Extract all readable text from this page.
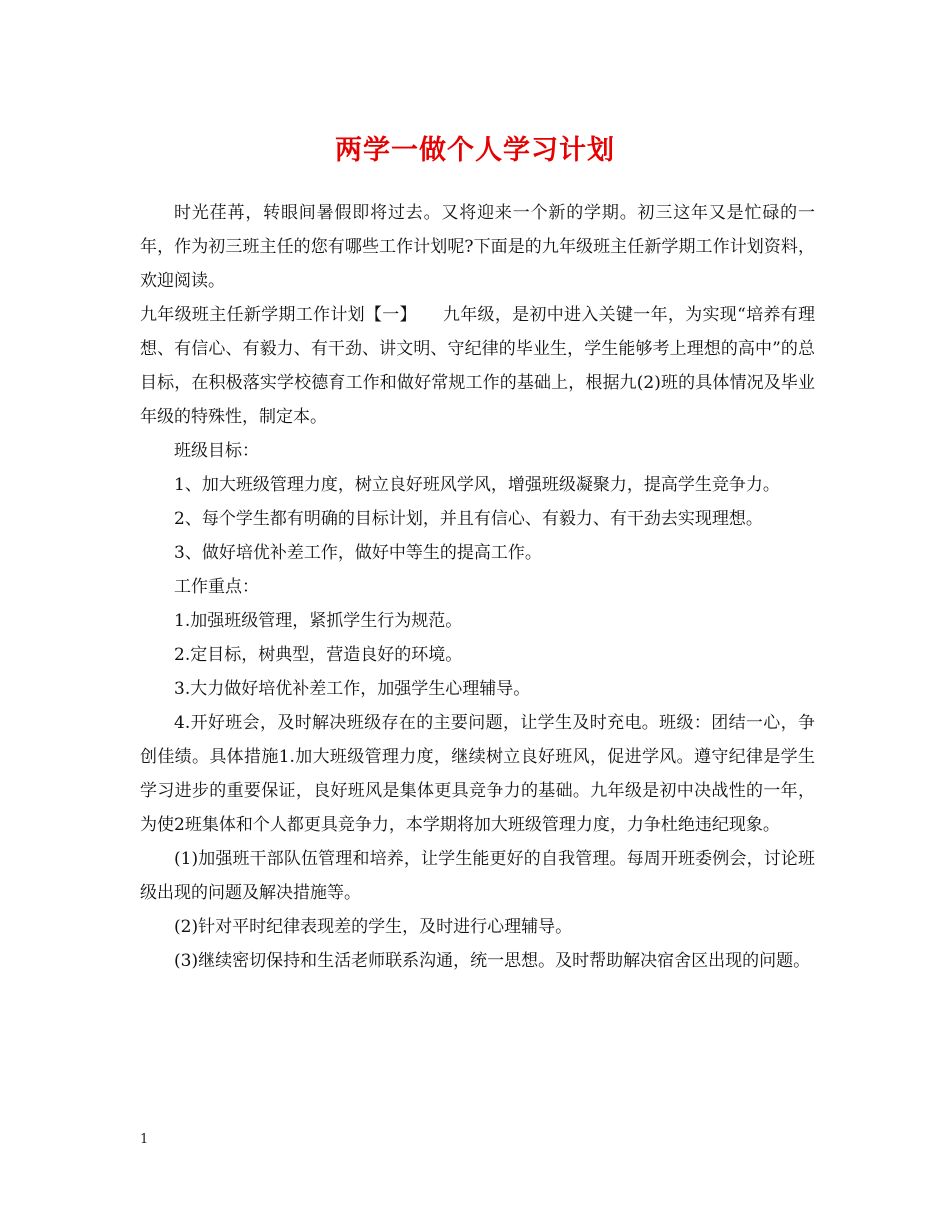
两学一做个人学习计划

时光荏苒，转眼间暑假即将过去。又将迎来一个新的学期。初三这年又是忙碌的一年，作为初三班主任的您有哪些工作计划呢?下面是的九年级班主任新学期工作计划资料，欢迎阅读。

九年级班主任新学期工作计划【一】　　九年级，是初中进入关键一年，为实现“培养有理想、有信心、有毅力、有干劲、讲文明、守纪律的毕业生，学生能够考上理想的高中”的总目标，在积极落实学校德育工作和做好常规工作的基础上，根据九(2)班的具体情况及毕业年级的特殊性，制定本。

班级目标：

1、加大班级管理力度，树立良好班风学风，增强班级凝聚力，提高学生竞争力。

2、每个学生都有明确的目标计划，并且有信心、有毅力、有干劲去实现理想。

3、做好培优补差工作，做好中等生的提高工作。

工作重点：

1.加强班级管理，紧抓学生行为规范。

2.定目标，树典型，营造良好的环境。

3.大力做好培优补差工作，加强学生心理辅导。

4.开好班会，及时解决班级存在的主要问题，让学生及时充电。班级：团结一心，争创佳绩。具体措施1.加大班级管理力度，继续树立良好班风，促进学风。遵守纪律是学生学习进步的重要保证，良好班风是集体更具竞争力的基础。九年级是初中决战性的一年，为使2班集体和个人都更具竞争力，本学期将加大班级管理力度，力争杜绝违纪现象。

(1)加强班干部队伍管理和培养，让学生能更好的自我管理。每周开班委例会，讨论班级出现的问题及解决措施等。

(2)针对平时纪律表现差的学生，及时进行心理辅导。

(3)继续密切保持和生活老师联系沟通，统一思想。及时帮助解决宿舍区出现的问题。

1
